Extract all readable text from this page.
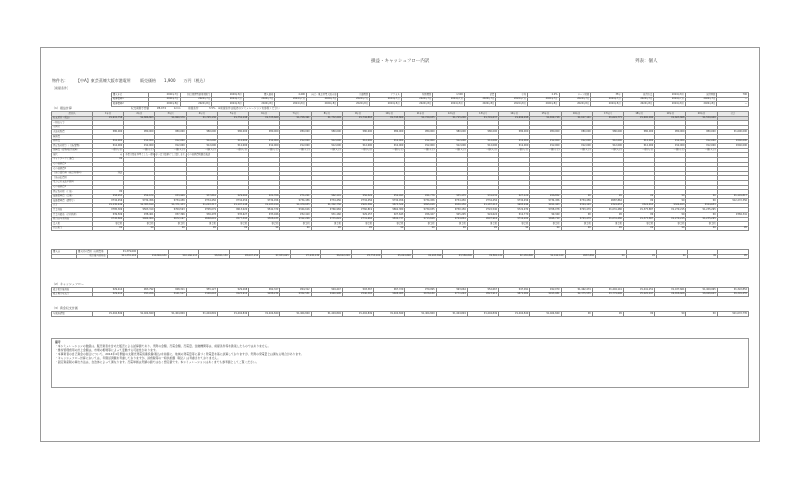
損益・キャッシュフロー内訳	列表：個人
物件名： 【中A】東芸蒸煉大阪市港電所 販売価格 1,900 万円（税込）
［前提条件］
購入年度	2024年7月	制度連携型運用期間等	2049年8月	購入価格	4,400	自己・東芝蒸電大阪市港	金融機関	アプラス	所属機関	1,500	消費	金利	2.9%	ローン期間	35年	返済方法	2024年8月	返済回数	700
帳簿償却1	2024年7月	2024年7月	2024年7月	2024年7月	2024年7月	2024年7月	2024年7月	2024年7月	2024年7月	2024年7月	2024年7月	2024年7月	2024年7月	2024年7月	2024年7月	2024年7月	2024年7月	2024年7月	—
帳簿償却2	2024年8月	2024年8月	2024年8月	2024年8月	2024年8月	2024年8月	2024年8月	2024年8月	2024年8月	2024年8月	2024年8月	2024年8月	2024年8月	2024年8月	2024年8月	2024年8月	2024年8月	2024年8月	—
（1）損益計算	収支期間予想値　　　¥8,074　　　1min　　　前提条件　　　　3.5%　※前提条件は後述のシミュレーションを参照ください
項目名	1年目	2年目	3年目	4年目	5年目	6年目	7年目	8年目	9年目	10年目	11年目	12年目	13年目	14年目	15年目	16年目	17年目	18年目	19年目	20年目	合計
収支項目（税込）	¥1,915,758	¥1,886,803	¥1,860,576	¥1,795,136	¥1,752,198	¥1,725,660	¥1,708,491	¥1,732,249	¥1,744,863	¥1,745,800	¥1,720,035	¥1,715,200	¥1,701,637	¥1,696,998	¥1,659,728	¥1,617,141	¥1,624,775	¥1,600,090	¥1,603,868	¥1,559,948	
一括収入等																					
入居者																					
水道光熱費	¥80,000	¥80,000	¥80,000	¥80,000	¥80,000	¥80,000	¥80,000	¥80,000	¥80,000	¥80,000	¥80,000	¥80,000	¥80,000	¥80,000	¥80,000	¥80,000	¥80,000	¥80,000	¥80,000	¥80,000	¥1,600,000
修繕費																					
管理費	¥12,000	¥12,000	¥12,000	¥12,000	¥12,000	¥12,000	¥12,000	¥12,000	¥12,000	¥12,000	¥12,000	¥12,000	¥12,000	¥12,000	¥12,000	¥12,000	¥12,000	¥12,000	¥12,000	¥12,000	¥240,000
固定資産税等（土地/建物）	¥12,000	¥12,000	¥12,000	¥12,000	¥12,000	¥12,000	¥12,000	¥12,000	¥12,000	¥12,000	¥12,000	¥12,000	¥12,000	¥12,000	¥12,000	¥12,000	¥12,000	¥12,000	¥12,000	¥12,000	¥240,000
保険費（建物/損害保険）	一律(入金)	一律(入金)	一律(入金)	一律(入金)	一律(入金)	一律(入金)	一律(入金)	一律(入金)	一律(入金)	一律(入金)	一律(入金)	一律(入金)	一律(入金)	一律(入金)	一律(入金)	一律(入金)	一律(入金)	一律(入金)	一律(入金)	一律(入金)	
地代	未	予想金額を基準とした一律あるいは実績値にて計算します。その他経費明細は後述																			
ネットワーク工事費	¥0																				
その他経費1																					
その他経費2																					
土地等賃借料（施設利用料）	別途																				
土地前払費用																					
電力会社支払手数料																					
その他経費3																					
固定資産税（土地）	¥0																				
減価償却費（設備）	¥58,953	¥54,670	¥33,926	¥37,861	¥29,464	¥21,356	¥71,221	¥62,101	¥56,526	¥52,093	¥41,776	¥35,135	¥31,032	¥27,129	¥26,852	¥0	¥0	¥0	¥0	¥0	¥1,101,817
減価償却費（建物等）	¥734,456	¥734,456	¥734,456	¥734,456	¥734,456	¥734,456	¥734,456	¥734,456	¥734,456	¥734,456	¥734,456	¥734,456	¥734,456	¥734,456	¥734,456	¥734,456	¥687,862	¥0	¥0	¥0	¥12,272,356
合計	¥1,130,449	¥1,383,810	¥1,371,133	¥1,203,317	¥1,197,148	¥1,183,010	¥1,479,655	¥1,302,758	¥905,580	¥873,524	¥895,028	¥936,156	¥1,187,213	¥985,496	¥911,443	¥324,193	¥324,653	¥324,653	¥324,653	¥324,653	
営業利益	¥785,309	¥503,310	¥709,593	¥705,079	¥613,020	¥542,379	¥344,616	¥766,984	¥760,819	¥862,380	¥739,935	¥730,156	¥722,540	¥722,970	¥708,078	¥703,479	¥1,031,480	¥1,375,887	¥1,279,215	¥1,235,295	
営業外損益（金利負担）	¥39,509	¥38,401	¥37,396	¥36,478	¥35,627	¥33,946	¥32,410	¥31,160	¥29,157	¥27,643	¥26,107	¥25,295	¥24,624	¥12,770	¥9,349	¥0	¥0	¥0	¥0	¥0	¥384,341
税引前当期利益	¥745,800	¥464,909	¥672,197	¥668,601	¥577,393	¥508,433	¥312,206	¥735,824	¥731,662	¥834,737	¥713,828	¥704,861	¥697,916	¥710,200	¥698,729	¥703,479	¥1,031,480	¥1,375,887	¥1,279,215	¥1,235,295	
法人税	事業税	事業税	事業税	事業税	事業税	事業税	事業税	事業税	事業税	事業税	事業税	事業税	事業税	事業税	事業税	事業税	事業税	事業税	事業税	事業税	
住民税等	¥0	¥0	¥0	¥0	¥0	¥0	¥0	¥0	¥0	¥0	¥0	¥0	¥0	¥0	¥0	¥0	¥0	¥0	¥0	¥0	¥0
購入前	購入時の費用（初期費用）	¥1,379,000																				
	税引後当期利益	¥11,355,116	¥10,809,630	¥10,166,113	¥8,821,130	¥8,097,150	¥7,833,625	¥7,245,130	¥6,612,220	¥5,753,100	¥5,024,890	¥4,263,890	¥3,586,890	¥2,861,122	¥2,136,890	¥1,412,100	¥687,884	¥0	¥0	¥0	¥0	¥0
（2）キャッシュフロー
累計税引後利益	¥29,414	¥63,792	¥48,311	¥55,127	¥29,268	¥62,327	¥64,312	¥94,447	¥93,367	¥67,720	¥70,095	¥93,064	¥52,667	¥47,091	¥42,079	¥1,462,474	¥1,404,141	¥1,441,251	¥1,437,661	¥1,409,995	¥1,322,852
累計現金収支等	¥29,414	¥93,206	¥141,517	¥196,644	¥225,912	¥288,239	¥352,551	¥446,998	¥540,365	¥608,085	¥678,180	¥771,244	¥823,911	¥871,002	¥913,081	¥2,375,555	¥3,779,696	¥5,220,947	¥6,658,608	¥8,068,603	¥9,391,455
（3）資金収支計画
年間返済額	¥1,404,849	¥1,404,849	¥1,404,849	¥1,404,849	¥1,404,849	¥1,404,849	¥1,404,849	¥1,404,849	¥1,404,849	¥1,404,849	¥1,404,849	¥1,404,849	¥1,404,849	¥1,404,849	¥1,404,849	¥0	¥0	¥0	¥0	¥0	¥21,072,735
備考
・本シミュレーションの数値は、販売業者を含めた販売による試算値であり、実際の金額、売電金額、売電量、金融機関等は、前提条件等を勘案したものではありません。
・維持管理費用の計上金額は、市場の相場等によって変動する可能性があります。
・本事業者の自己資金の割合について、2014年4月開始の太陽光発電設備設備(税込)を前提に、地域の発電量等に基づく発電量を基に試算しておりますが、実際の発電量とは異なる場合があります。
・キャッシュフロー計算においては、年間返済額を考慮しておりますが、消費税等の一時負担額（税込）は考慮されておりません。
・固定資産税の算出方法は、自治体によって異なります。売電単価は実績の値ではなく想定値です。本シミュレーションはあくまでも参考値としてご覧ください。
